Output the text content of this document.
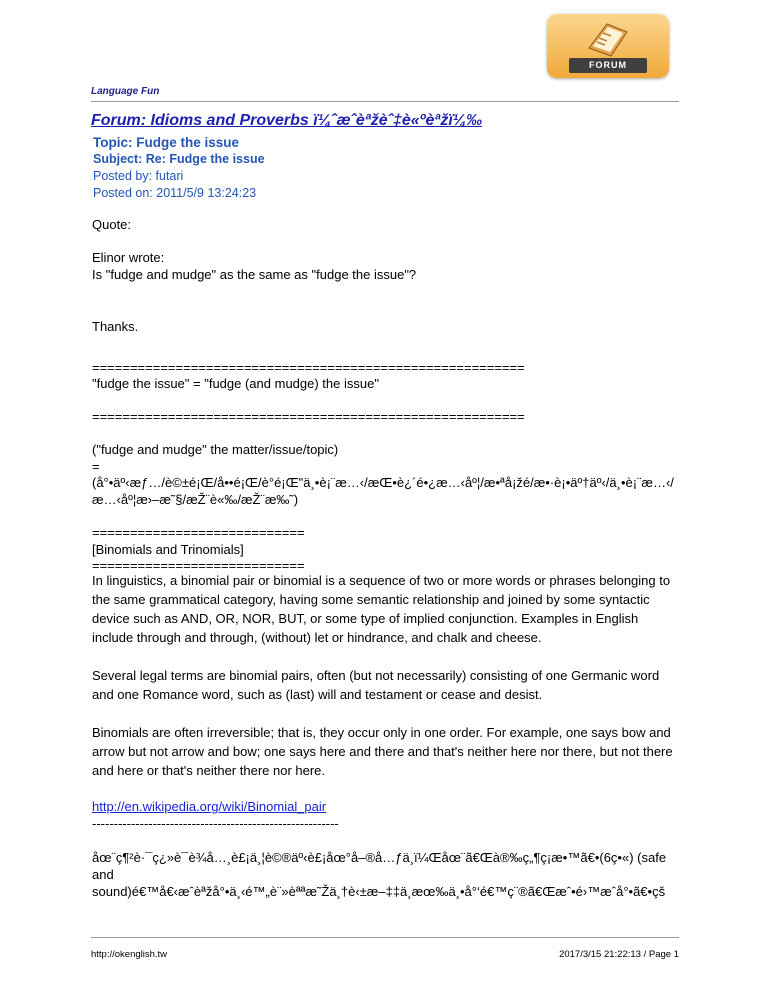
FORUM
Language Fun
Forum: Idioms and Proverbs ï¼ˆæˆèªžèˆ‡è«ºèªžï¼‰
Topic: Fudge the issue
Subject: Re: Fudge the issue
Posted by: futari
Posted on: 2011/5/9 13:24:23
Quote:
Elinor wrote:
Is "fudge and mudge" as the same as "fudge the issue"?
Thanks.
=========================================================
"fudge the issue" = "fudge (and mudge) the issue"
=========================================================
("fudge and mudge" the matter/issue/topic)
=
(å°•äº‹æƒ…/è©±é¡Œ/å••é¡Œ/è°é¡Œ"ä¸•è¡¨æ…‹/æŒ•è¿´é•¿æ…‹åº¦/æ•ªå¡žé/æ•·è¡•äº†äº‹/ä¸•è¡¨æ…‹/
æ…‹åº¦æ›–æ˜§/æŽ¨è«‰/æŽ¨æ‰˜)
============================
[Binomials and Trinomials]
============================
In linguistics, a binomial pair or binomial is a sequence of two or more words or phrases belonging to the same grammatical category, having some semantic relationship and joined by some syntactic device such as AND, OR, NOR, BUT, or some type of implied conjunction. Examples in English include through and through, (without) let or hindrance, and chalk and cheese.
Several legal terms are binomial pairs, often (but not necessarily) consisting of one Germanic word and one Romance word, such as (last) will and testament or cease and desist.
Binomials are often irreversible; that is, they occur only in one order. For example, one says bow and arrow but not arrow and bow; one says here and there and that's neither here nor there, but not there and here or that's neither there nor here.
http://en.wikipedia.org/wiki/Binomial_pair
---------------------------------------------------------
åœ¨ç¶²è·¯ç¿»è¯è¾å…¸è£¡ä¸¦è©®äº‹è£¡åœ°å–®å…ƒä¸ï¼Œåœ¨ã€Œà®‰ç„¶ç¡æ•™ã€•(6ç•«) (safe
and
sound)é€™å€‹æˆèªžå°•ä¸‹é™„è¨»èªªæ˜Žä¸†è‹±æ–‡‡ä¸æœ‰ä¸•å°‘é€™ç¨®ã€Œæˆ•é›™æˆå°•ã€•çš
http://okenglish.tw	2017/3/15 21:22:13 / Page 1
